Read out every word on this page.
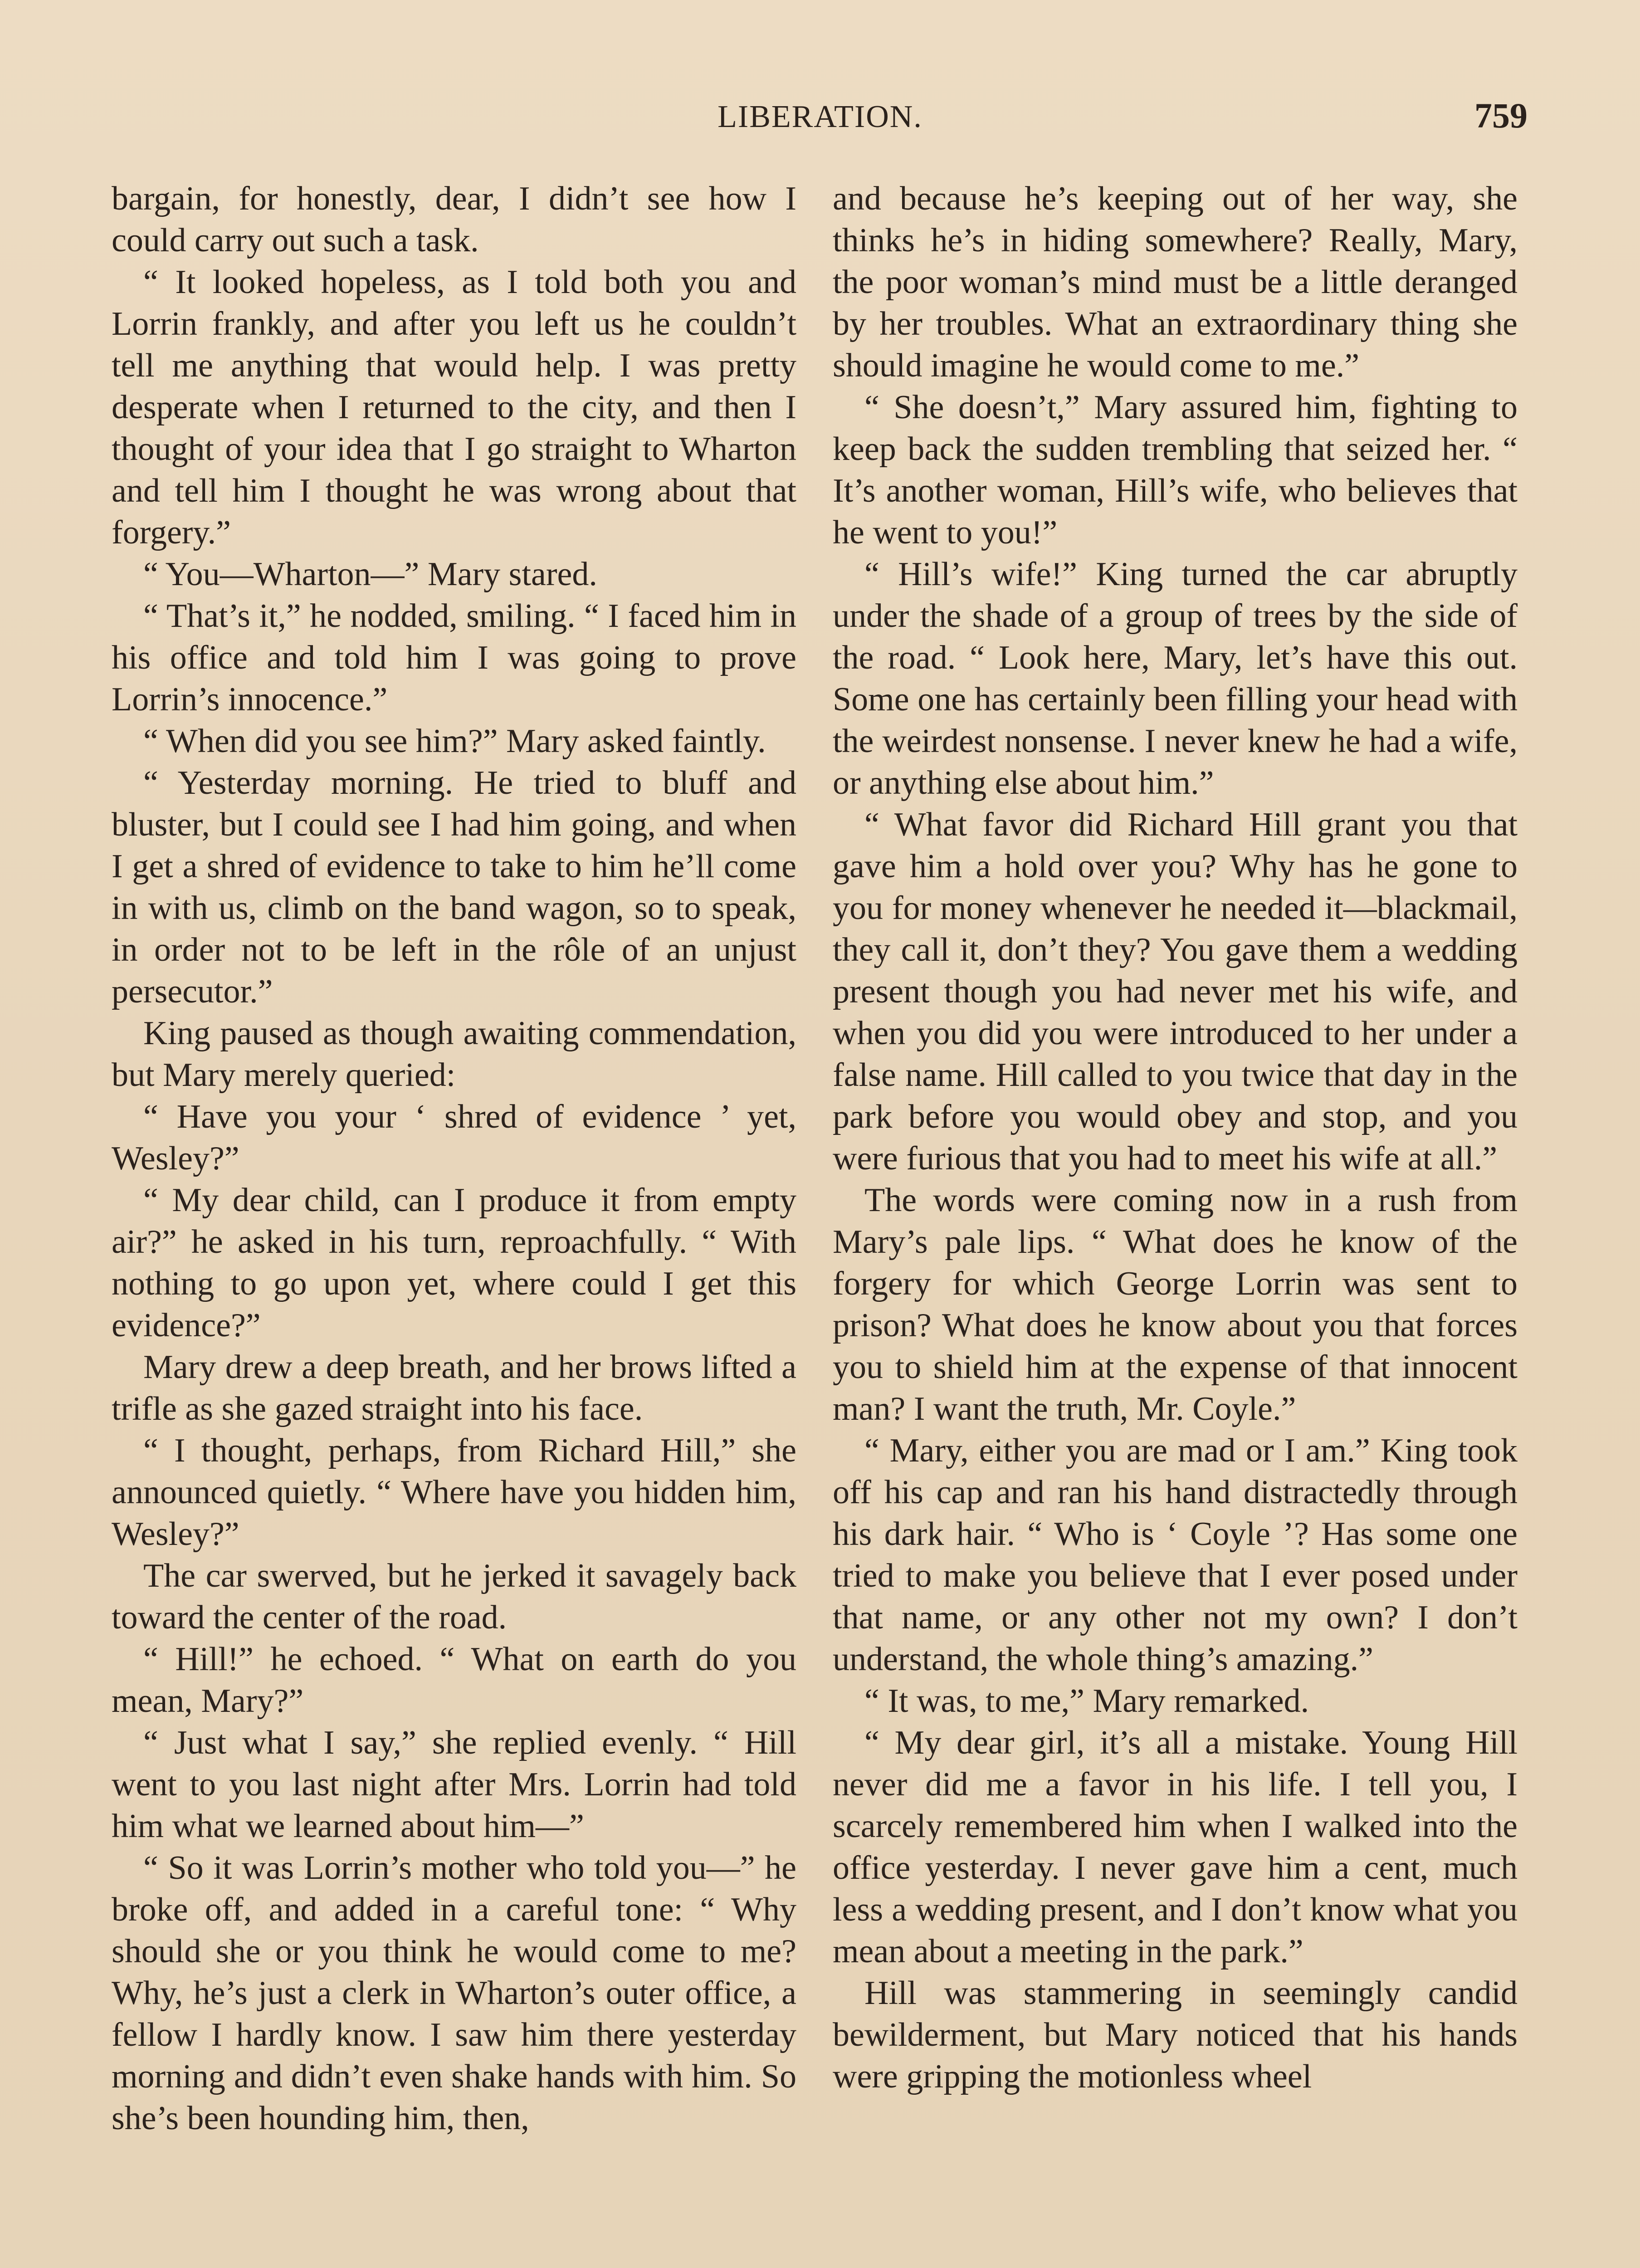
LIBERATION.	759

bargain, for honestly, dear, I didn’t see how I could carry out such a task.

“ It looked hopeless, as I told both you and Lorrin frankly, and after you left us he couldn’t tell me anything that would help. I was pretty desperate when I returned to the city, and then I thought of your idea that I go straight to Wharton and tell him I thought he was wrong about that forgery.”

“ You—Wharton—” Mary stared.

“ That’s it,” he nodded, smiling. “ I faced him in his office and told him I was going to prove Lorrin’s innocence.”

“ When did you see him?” Mary asked faintly.

“ Yesterday morning. He tried to bluff and bluster, but I could see I had him going, and when I get a shred of evidence to take to him he’ll come in with us, climb on the band wagon, so to speak, in order not to be left in the rôle of an unjust persecutor.”

King paused as though awaiting commendation, but Mary merely queried:

“ Have you your ‘ shred of evidence ’ yet, Wesley?”

“ My dear child, can I produce it from empty air?” he asked in his turn, reproachfully. “ With nothing to go upon yet, where could I get this evidence?”

Mary drew a deep breath, and her brows lifted a trifle as she gazed straight into his face.

“ I thought, perhaps, from Richard Hill,” she announced quietly. “ Where have you hidden him, Wesley?”

The car swerved, but he jerked it savagely back toward the center of the road.

“ Hill!” he echoed. “ What on earth do you mean, Mary?”

“ Just what I say,” she replied evenly. “ Hill went to you last night after Mrs. Lorrin had told him what we learned about him—”

“ So it was Lorrin’s mother who told you—” he broke off, and added in a careful tone: “ Why should she or you think he would come to me? Why, he’s just a clerk in Wharton’s outer office, a fellow I hardly know. I saw him there yesterday morning and didn’t even shake hands with him. So she’s been hounding him, then,

and because he’s keeping out of her way, she thinks he’s in hiding somewhere? Really, Mary, the poor woman’s mind must be a little deranged by her troubles. What an extraordinary thing she should imagine he would come to me.”

“ She doesn’t,” Mary assured him, fighting to keep back the sudden trembling that seized her. “ It’s another woman, Hill’s wife, who believes that he went to you!”

“ Hill’s wife!” King turned the car abruptly under the shade of a group of trees by the side of the road. “ Look here, Mary, let’s have this out. Some one has certainly been filling your head with the weirdest nonsense. I never knew he had a wife, or anything else about him.”

“ What favor did Richard Hill grant you that gave him a hold over you? Why has he gone to you for money whenever he needed it—blackmail, they call it, don’t they? You gave them a wedding present though you had never met his wife, and when you did you were introduced to her under a false name. Hill called to you twice that day in the park before you would obey and stop, and you were furious that you had to meet his wife at all.”

The words were coming now in a rush from Mary’s pale lips. “ What does he know of the forgery for which George Lorrin was sent to prison? What does he know about you that forces you to shield him at the expense of that innocent man? I want the truth, Mr. Coyle.”

“ Mary, either you are mad or I am.” King took off his cap and ran his hand distractedly through his dark hair. “ Who is ‘ Coyle ’? Has some one tried to make you believe that I ever posed under that name, or any other not my own? I don’t understand, the whole thing’s amazing.”

“ It was, to me,” Mary remarked.

“ My dear girl, it’s all a mistake. Young Hill never did me a favor in his life. I tell you, I scarcely remembered him when I walked into the office yesterday. I never gave him a cent, much less a wedding present, and I don’t know what you mean about a meeting in the park.”

Hill was stammering in seemingly candid bewilderment, but Mary noticed that his hands were gripping the motionless wheel
